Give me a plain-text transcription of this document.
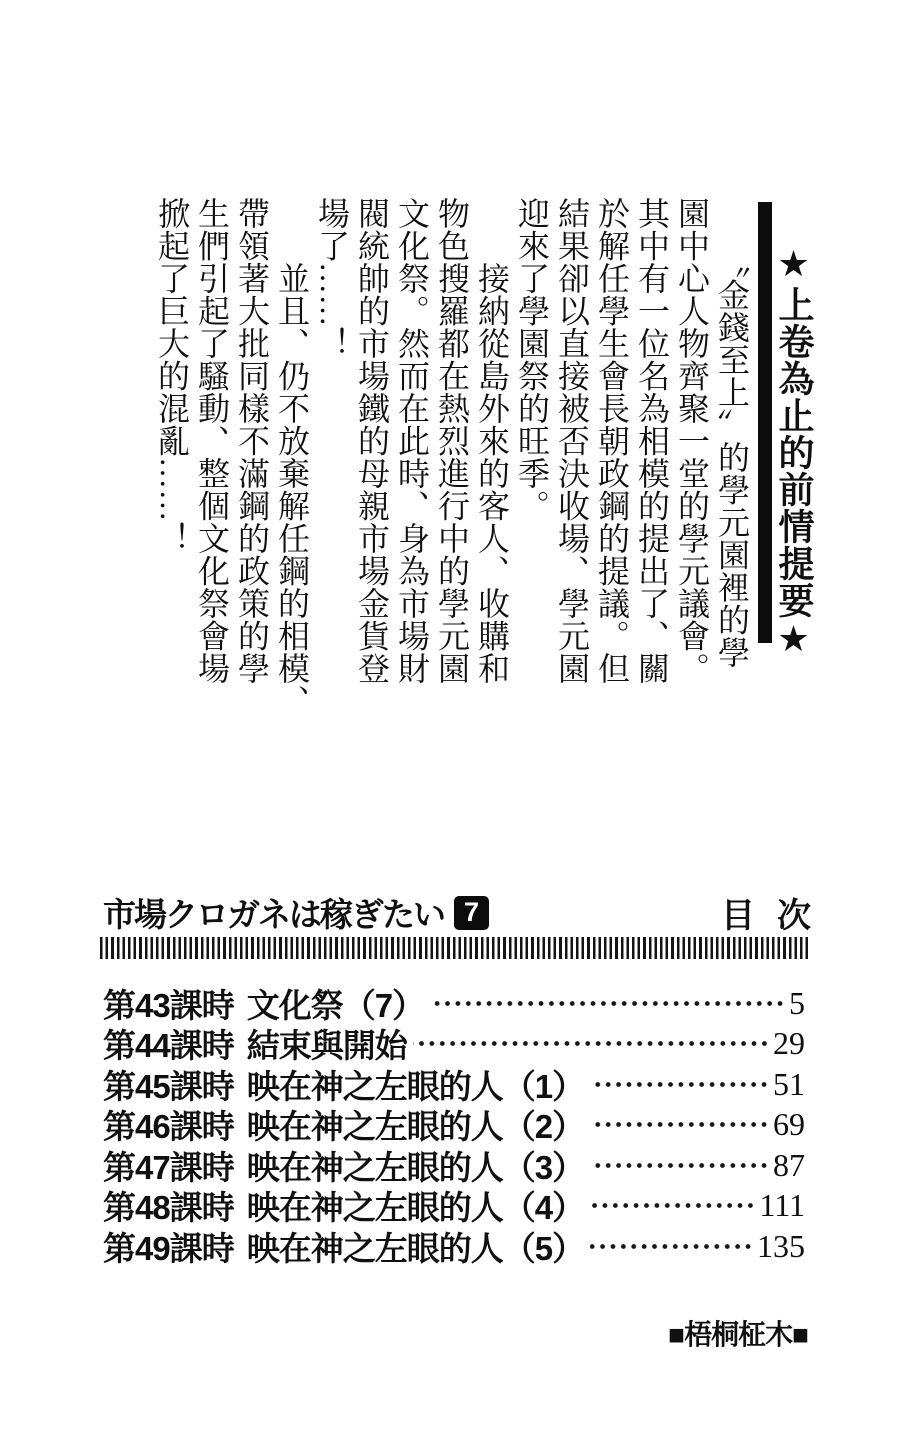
★上卷為止的前情提要★
　　〝金錢至上〟的學元園裡的學
園中心人物齊聚一堂的學元議會。
其中有一位名為相模的提出了、關
於解任學生會長朝政鋼的提議。但
結果卻以直接被否決收場、學元園
迎來了學園祭的旺季。
　　接納從島外來的客人、收購和
物色搜羅都在熱烈進行中的學元園
文化祭。然而在此時、身為市場財
閥統帥的市場鐵的母親市場金貨登
場了……！
　　並且、仍不放棄解任鋼的相模、
帶領著大批同樣不滿鋼的政策的學
生們引起了騷動、整個文化祭會場
掀起了巨大的混亂……！
市場クロガネは稼ぎたい 7	目　次
第43課時 文化祭（7）	5
第44課時 結束與開始	29
第45課時 映在神之左眼的人（1）	51
第46課時 映在神之左眼的人（2）	69
第47課時 映在神之左眼的人（3）	87
第48課時 映在神之左眼的人（4）	111
第49課時 映在神之左眼的人（5）	135
■梧桐柾木■
